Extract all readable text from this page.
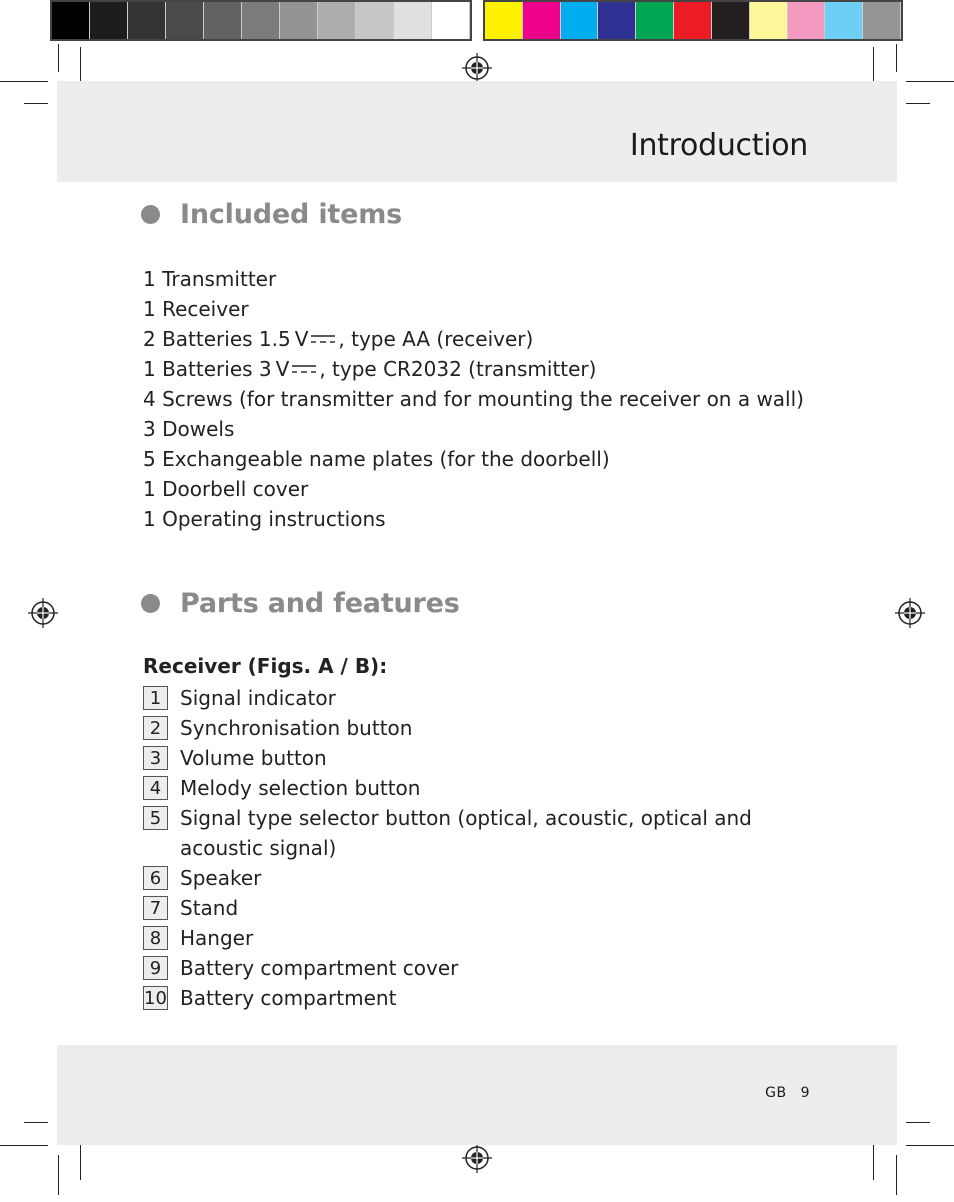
Introduction
Included items
1 Transmitter
1 Receiver
2 Batteries 1.5 V , type AA (receiver)
1 Batteries 3 V , type CR2032 (transmitter)
4 Screws (for transmitter and for mounting the receiver on a wall)
3 Dowels
5 Exchangeable name plates (for the doorbell)
1 Doorbell cover
1 Operating instructions
Parts and features
Receiver (Figs. A / B):
1 Signal indicator
2 Synchronisation button
3 Volume button
4 Melody selection button
5 Signal type selector button (optical, acoustic, optical and acoustic signal)
6 Speaker
7 Stand
8 Hanger
9 Battery compartment cover
10 Battery compartment
GB 9
